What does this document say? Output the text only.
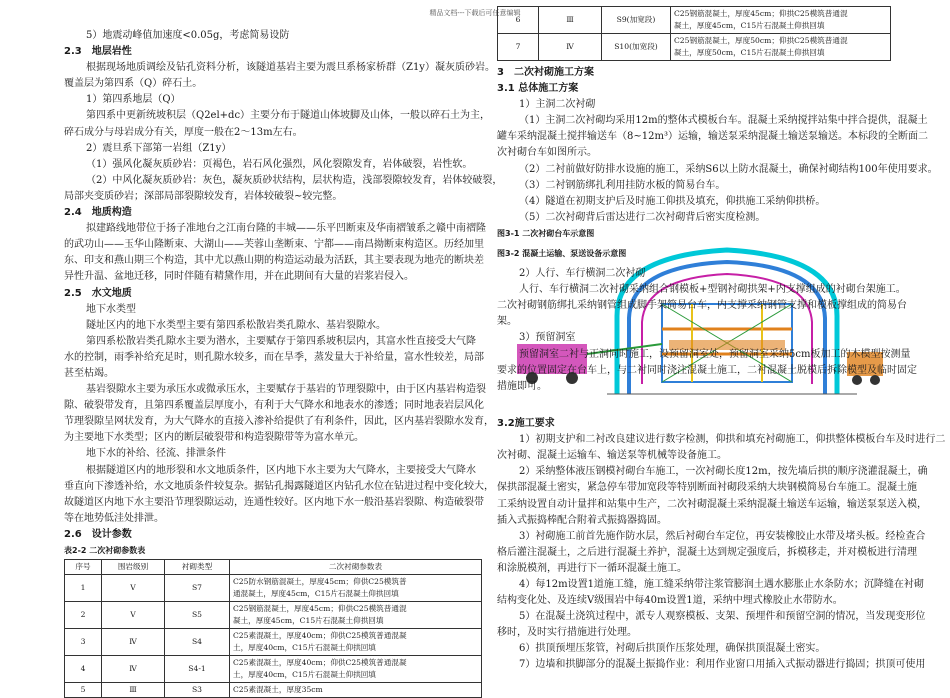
精品文档---下载后可任意编辑
5）地震动峰值加速度<0.05g，考虑简易设防
2.3　地层岩性
根据现场地质调绘及钻孔资料分析，该隧道基岩主要为震旦系杨家桥群（Z1y）凝灰质砂岩。
覆盖层为第四系（Q）碎石土。
1）第四系地层（Q）
第四系中更新统坡积层（Q2el+dc）主要分布于隧道山体坡脚及山体，一般以碎石土为主，
碎石成分与母岩成分有关，厚度一般在2～13m左右。
2）震旦系下部第一岩组（Z1y）
（1）强风化凝灰质砂岩：页褐色，岩石风化强烈，风化裂隙发育，岩体破裂，岩性软。
（2）中风化凝灰质砂岩：灰色，凝灰质砂状结构，层状构造，浅部裂隙较发育，岩体较破裂，
局部夹变质砂岩；深部局部裂隙较发育，岩体较破裂~较完整。
2.4　地质构造
拟建路线地带位于扬子准地台之江南台隆的丰城——乐平凹断束及华南褶皱系之赣中南褶隆
的武功山——玉华山隆断束、大湖山——芙蓉山垄断束、宁都——南昌拗断束构造区。历经加里
东、印支和燕山期三个构造，其中尤以燕山期的构造运动最为活跃，其主要表现为地壳的断块差
异性升温、盆地迁移，同时伴随有精黛作用，并在此期间有大量的岩浆岩侵入。
2.5　水文地质
地下水类型
隧址区内的地下水类型主要有第四系松散岩类孔隙水、基岩裂隙水。
第四系松散岩类孔隙水主要为潜水，主要赋存于第四系坡积层内，其富水性直接受大气降
水的控制，雨季补给充足时，则孔隙水较多，而在旱季，蒸发量大于补给量，富水性较差，局部
甚至枯竭。
基岩裂隙水主要为承压水或微承压水，主要赋存于基岩的节理裂隙中，由于区内基岩构造裂
隙、破裂带发育，且第四系覆盖层厚度小，有利于大气降水和地表水的渗透；同时地表岩层风化
节理裂隙呈网状发育，为大气降水的直接入渗补给提供了有利条件，因此，区内基岩裂隙水发育，
为主要地下水类型；区内的断层破裂带和构造裂隙带等为富水单元。
地下水的补给、径流、排泄条件
根据隧道区内的地形裂和水文地质条件，区内地下水主要为大气降水，主要接受大气降水
垂直向下渗透补给，水文地质条件较复杂。据钻孔揭露隧道区内钻孔水位在钻进过程中变化较大，
故隧道区内地下水主要沿节理裂隙运动，连通性较好。区内地下水一般沿基岩裂隙、构造破裂带
等在地势低洼处排泄。
2.6　设计参数
表2-2 二次衬砌参数表
序号	围岩级别	衬砌类型	二次衬砌参数表
1	V	S7	C25防水钢筋混凝土，厚度45cm；仰供C25模筑普
通混凝土，厚度45cm，C15片石混凝土仰拱回填

2	V	S5	C25钢筋混凝土，厚度45cm；仰供C25模筑普通混
凝土，厚度45cm，C15片石混凝土仰拱回填

3	Ⅳ	S4	C25素混凝土，厚度40cm；仰供C25模筑普通混凝
土，厚度40cm，C15片石混凝土仰拱回填

4	Ⅳ	S4-1	C25素混凝土，厚度40cm；仰供C25模筑普通混凝
土，厚度40cm，C15片石混凝土仰拱回填

5	Ⅲ	S3	C25素混凝土，厚度35cm
6	Ⅲ	S9(加宽段)	C25钢筋混凝土，厚度45cm；仰拱C25模筑普通混
凝土，厚度45cm，C15片石混凝土仰拱回填

7	Ⅳ	S10(加宽段)	C25钢筋混凝土，厚度50cm；仰拱C25模筑普通混
凝土，厚度50cm，C15片石混凝土仰拱回填
3　二次衬砌施工方案
3.1 总体施工方案
1）主洞二次衬砌
（1）主洞二次衬砌均采用12m的整体式模板台车。混凝土采纳搅拌站集中拌合提供，混凝土
罐车采纳混凝土搅拌输送车（8~12m³）运输，输送泵采纳混凝土输送泵输送。本标段的全断面二
次衬砌台车如图所示。
（2）二衬前做好防排水设施的施工，采纳S6以上防水混凝土，确保衬砌结构100年使用要求。
（3）二衬钢筋绑扎利用挂防水板的简易台车。
（4）隧道在初期支护后及时施工仰拱及填充，仰拱施工采纳仰拱桥。
（5）二次衬砌背后雷达进行二次衬砌背后密实度检测。
图3-1 二次衬砌台车示意图
图3-2 混凝土运输、泵送设备示意图
2）人行、车行横洞二次衬砌
人行、车行横洞二次衬砌采纳组合钢模板+型钢衬砌拱架+内支撑组成的衬砌台架施工。
二次衬砌钢筋绑扎采纳钢管组成脚手架简易台车，内支撑采纳钢管支撑和模板撑组成的简易台
架。
3）预留洞室
预留洞室二衬与正洞同时施工，设预留洞室处，预留洞室采纳5cm板加工的木模型按测量
要求的位置固定在台车上，与二衬同时浇注混凝土施工，二衬混凝土脱模后拆除模型及临时固定
措施即可。
3.2施工要求
1）初期支护和二衬改良建议进行数字检测，仰拱和填充衬砌施工，仰拱整体模板台车及时进行二
次衬砌、混凝土运输车、输送泵等机械等设备施工。
2）采纳整体液压钢模衬砌台车施工，一次衬砌长度12m，按先墙后拱的顺序浇灌混凝土，确
保拱部混凝土密实，紧急停车带加宽段等特别断面衬砌段采纳大块钢模简易台车施工。混凝土施
工采纳设置自动计量拌和站集中生产，二次衬砌混凝土采纳混凝土输送车运输，输送泵泵送入模，
插入式振捣棒配合附着式振捣器捣固。
3）衬砌施工前首先施作防水层，然后衬砌台车定位，再安装橡胶止水带及堵头板。经检查合
格后灌注混凝土，之后进行混凝土养护，混凝土达到规定强度后，拆模移走，并对模板进行清理
和涂脱模剂，再进行下一循环混凝土施工。
4）每12m设置1道施工缝，施工缝采纳带注浆管膨润土遇水膨胀止水条防水；沉降缝在衬砌
结构变化处、及连续Ⅴ级围岩中每40m设置1道，采纳中埋式橡胶止水带防水。
5）在混凝土浇筑过程中，派专人观察模板、支架、预埋件和预留空洞的情况，当发现变形位
移时，及时实行措施进行处理。
6）拱顶预埋压浆管，衬砌后拱顶作压浆处理，确保拱顶混凝土密实。
7）边墙和拱脚部分的混凝土振捣作业：利用作业窗口用插入式振动器进行捣固；拱顶可使用
